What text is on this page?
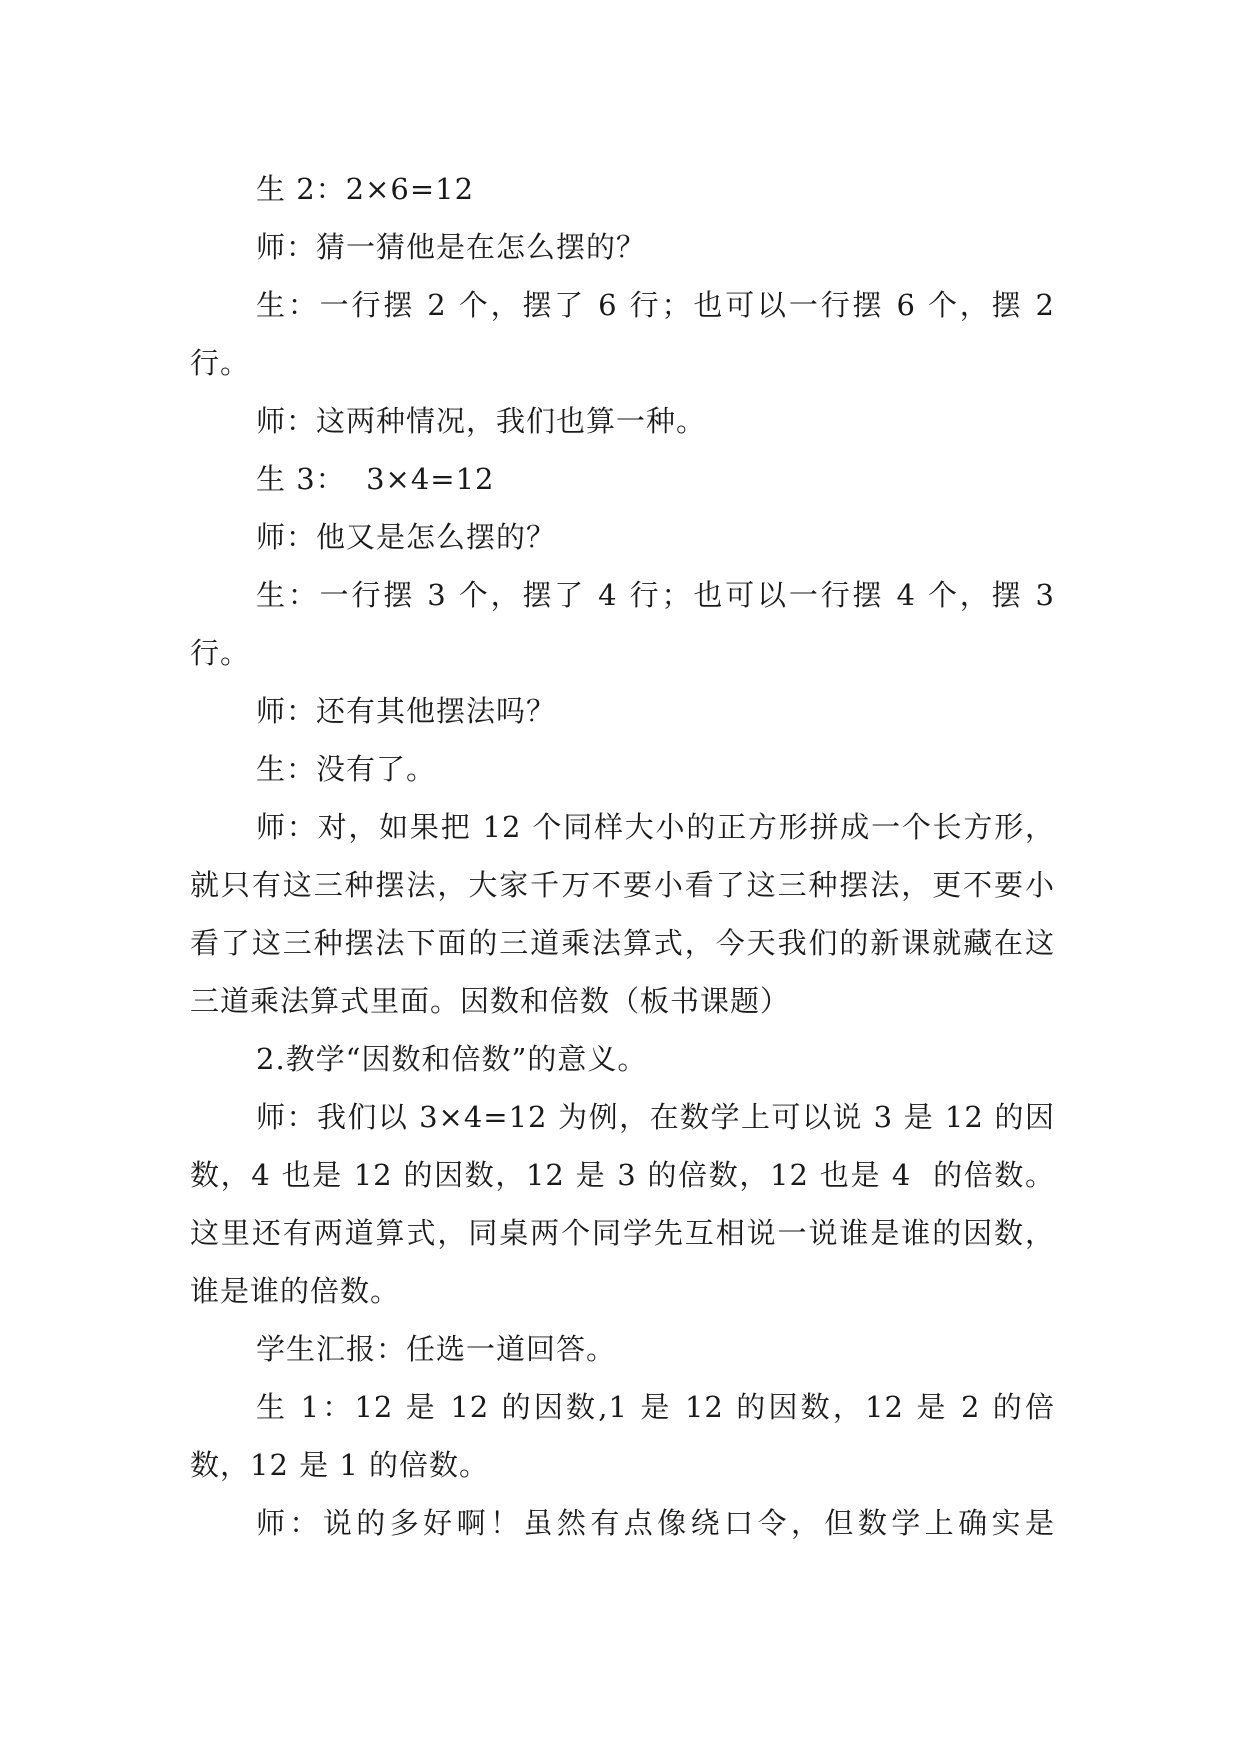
生 2：2×6=12

师：猜一猜他是在怎么摆的？

生：一行摆 2 个，摆了 6 行；也可以一行摆 6 个，摆 2 行。

师：这两种情况，我们也算一种。

生 3：  3×4=12

师：他又是怎么摆的？

生：一行摆 3 个，摆了 4 行；也可以一行摆 4 个，摆 3 行。

师：还有其他摆法吗？

生：没有了。

师：对，如果把 12 个同样大小的正方形拼成一个长方形，就只有这三种摆法，大家千万不要小看了这三种摆法，更不要小看了这三种摆法下面的三道乘法算式，今天我们的新课就藏在这三道乘法算式里面。因数和倍数（板书课题）

2.教学“因数和倍数”的意义。

师：我们以 3×4=12 为例，在数学上可以说 3 是 12 的因数，4 也是 12 的因数，12 是 3 的倍数，12 也是 4  的倍数。这里还有两道算式，同桌两个同学先互相说一说谁是谁的因数，谁是谁的倍数。

学生汇报：任选一道回答。

生 1：12 是 12 的因数,1 是 12 的因数，12 是 2 的倍数，12 是 1 的倍数。

师：说的多好啊！虽然有点像绕口令，但数学上确实是
